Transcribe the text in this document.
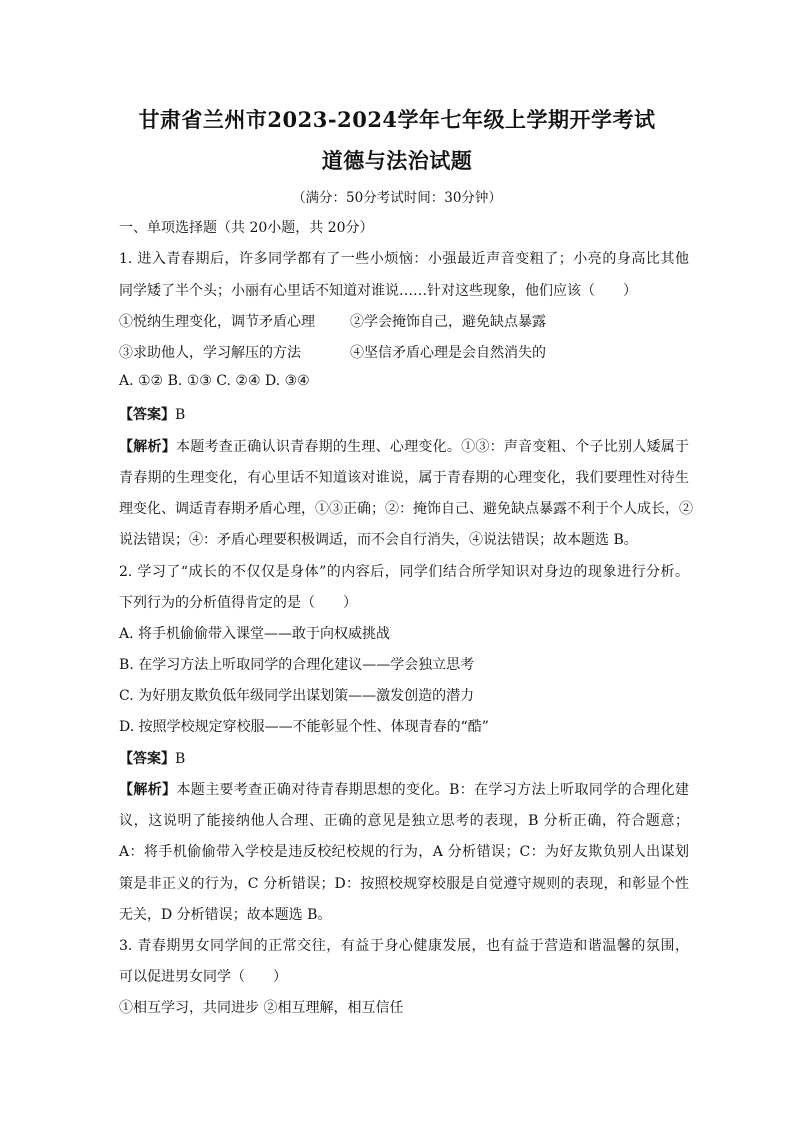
甘肃省兰州市2023-2024学年七年级上学期开学考试
道德与法治试题
（满分：50分考试时间：30分钟）
一、单项选择题（共 20小题，共 20分）
1. 进入青春期后，许多同学都有了一些小烦恼：小强最近声音变粗了；小亮的身高比其他
同学矮了半个头；小丽有心里话不知道对谁说……针对这些现象，他们应该（　　）
①悦纳生理变化，调节矛盾心理	②学会掩饰自己，避免缺点暴露
③求助他人，学习解压的方法	④坚信矛盾心理是会自然消失的
A. ①② B. ①③ C. ②④ D. ③④
【答案】B
【解析】本题考查正确认识青春期的生理、心理变化。①③：声音变粗、个子比别人矮属于
青春期的生理变化，有心里话不知道该对谁说，属于青春期的心理变化，我们要理性对待生
理变化、调适青春期矛盾心理，①③正确；②：掩饰自己、避免缺点暴露不利于个人成长，②
说法错误；④：矛盾心理要积极调适，而不会自行消失，④说法错误；故本题选 B。
2. 学习了“成长的不仅仅是身体”的内容后，同学们结合所学知识对身边的现象进行分析。
下列行为的分析值得肯定的是（　　）
A. 将手机偷偷带入课堂——敢于向权威挑战
B. 在学习方法上听取同学的合理化建议——学会独立思考
C. 为好朋友欺负低年级同学出谋划策——激发创造的潜力
D. 按照学校规定穿校服——不能彰显个性、体现青春的“酷”
【答案】B
【解析】本题主要考查正确对待青春期思想的变化。B：在学习方法上听取同学的合理化建
议，这说明了能接纳他人合理、正确的意见是独立思考的表现，B 分析正确，符合题意；
A：将手机偷偷带入学校是违反校纪校规的行为，A 分析错误；C：为好友欺负别人出谋划
策是非正义的行为，C 分析错误；D：按照校规穿校服是自觉遵守规则的表现，和彰显个性
无关，D 分析错误；故本题选 B。
3. 青春期男女同学间的正常交往，有益于身心健康发展，也有益于营造和谐温馨的氛围，
可以促进男女同学（　　）
①相互学习，共同进步 ②相互理解，相互信任
